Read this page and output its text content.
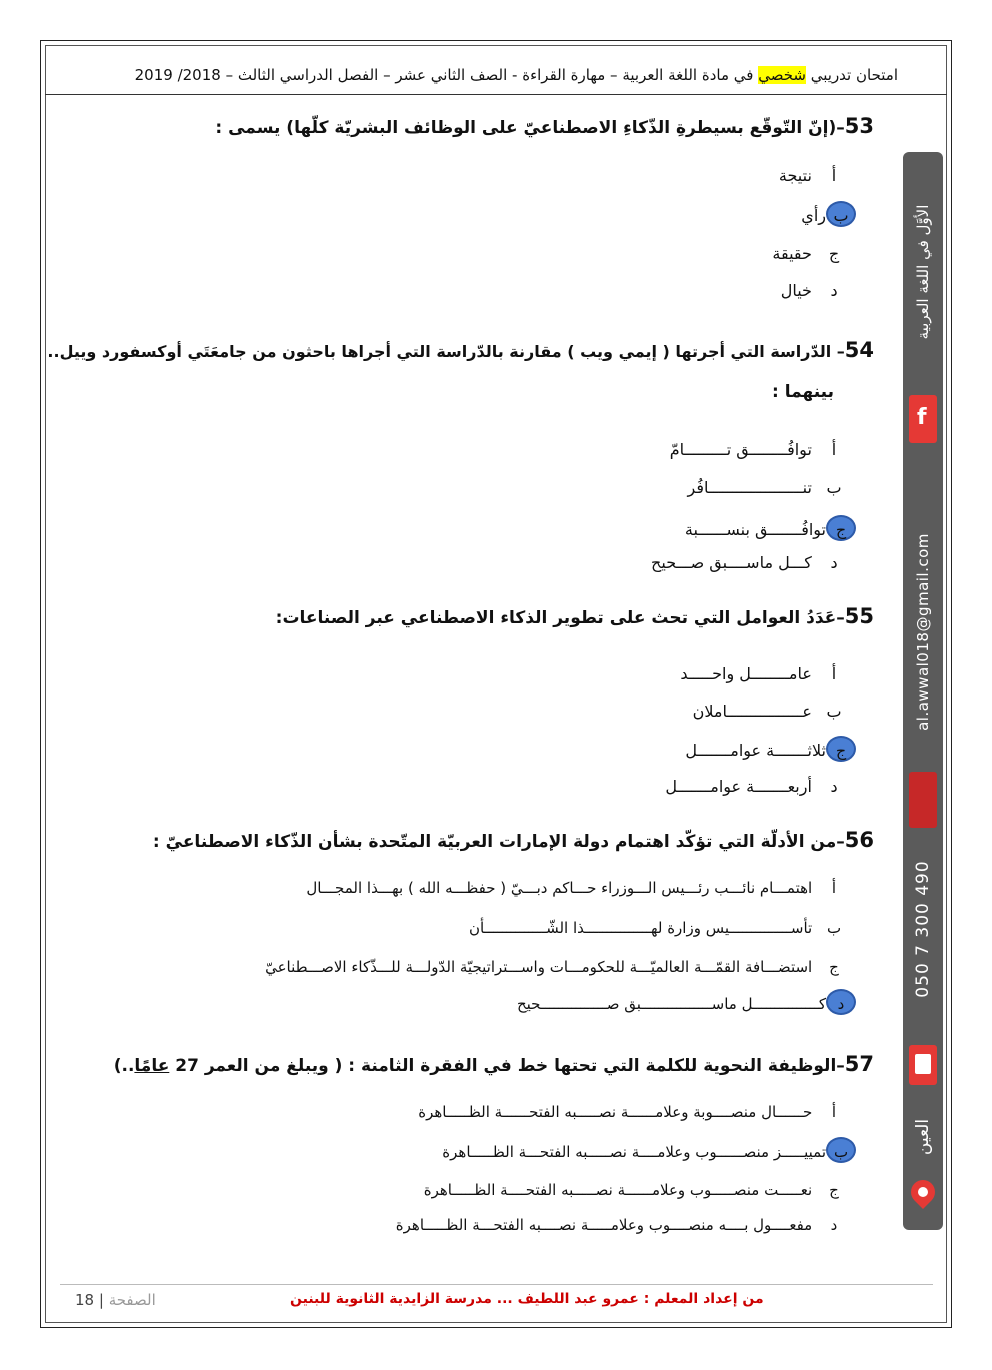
امتحان تدريبي شخصي في مادة اللغة العربية – مهارة القراءة - الصف الثاني عشر – الفصل الدراسي الثالث – 2018/ 2019
الأوَّل في اللغة العربية
al.awwal018@gmail.com
050 7 300 490
العين
f
53–(إنّ التّوقّع بسيطرةِ الذّكاءِ الاصطناعيّ على الوظائف البشريّة كلّها) يسمى :
أ نتيجة
برأي
ج حقيقة
د خيال
54– الدّراسة التي أجرتها ( إيمي ويب ) مقارنة بالدّراسة التي أجراها باحثون من جامعَتَي أوكسفورد وييل..
بينهما :
أ توافُــــــــق تـــــــــامّ
ب تنــــــــــــــــــــافُر
جتوافُـــــــق بنســــــبة
د كـــل ماســــبق صـــحيح
55–عَدَدُ العوامل التي تحث على تطوير الذكاء الاصطناعي عبر الصناعات:
أ عامــــــــل واحـــــد
ب عــــــــــــــــاملان
جثلاثـــــــة عوامـــــــل
د أربعـــــــة عوامـــــــل
56–من الأدلّة التي تؤكّد اهتمام دولة الإمارات العربيّة المتّحدة بشأن الذّكاء الاصطناعيّ :
أ اهتمـــام نائـــب رئـــيس الـــوزراء حـــاكم دبـــيّ ( حفظـــه الله ) بهـــذا المجـــال
ب تأســــــــــــــيس وزارة لهـــــــــــــــذا الشّــــــــــــــأن
ج استضـــافة القمّـــة العالميّـــة للحكومـــات واســـتراتيجيّة الدّولـــة للـــذّكاء الاصـــطناعيّ
دكـــــــــــــــل ماســــــــــــــــبق صـــــــــــــــحيح
57–الوظيفة النحوية للكلمة التي تحتها خط في الفقرة الثامنة : ( ويبلغ من العمر 27 عامًا..)
أ حــــــال منصــــوبة وعلامــــــة نصـــــبه الفتحــــــة الظـــــاهرة
بتمييـــــز منصــــــوب وعلامــــة نصـــــبه الفتحـــة الظـــــاهرة
ج نعـــــت منصـــــوب وعلامــــــة نصـــــبه الفتحــــة الظـــــاهرة
د مفعــــول بــــه منصــــوب وعلامـــــة نصــــبه الفتحـــة الظـــــاهرة
من إعداد المعلم : عمرو عبد اللطيف ... مدرسة الزايدية الثانوية للبنين
الصفحة | 18
